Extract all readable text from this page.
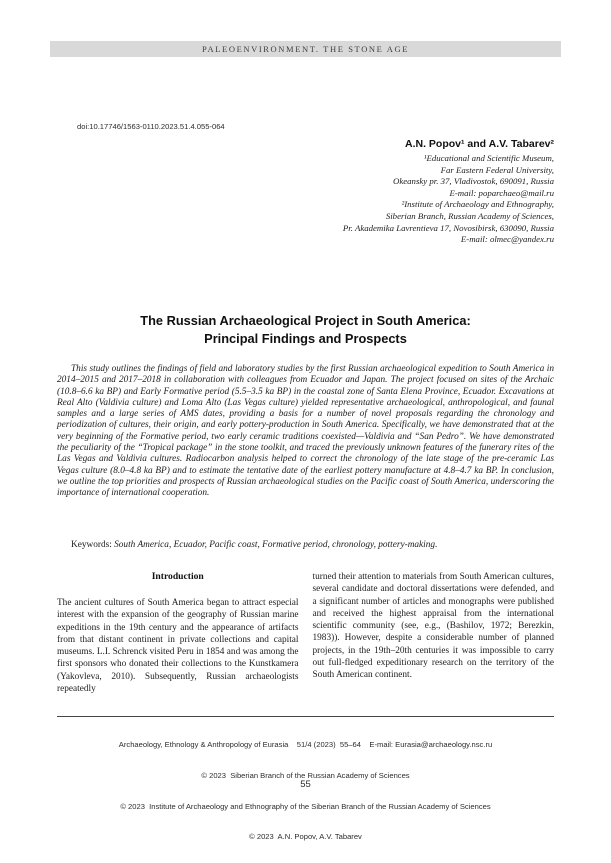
PALEOENVIRONMENT. THE STONE AGE
doi:10.17746/1563-0110.2023.51.4.055-064
A.N. Popov¹ and A.V. Tabarev²
¹Educational and Scientific Museum,
Far Eastern Federal University,
Okeansky pr. 37, Vladivostok, 690091, Russia
E-mail: poparchaeo@mail.ru
²Institute of Archaeology and Ethnography,
Siberian Branch, Russian Academy of Sciences,
Pr. Akademika Lavrentieva 17, Novosibirsk, 630090, Russia
E-mail: olmec@yandex.ru
The Russian Archaeological Project in South America:
Principal Findings and Prospects
This study outlines the findings of field and laboratory studies by the first Russian archaeological expedition to South America in 2014–2015 and 2017–2018 in collaboration with colleagues from Ecuador and Japan. The project focused on sites of the Archaic (10.8–6.6 ka BP) and Early Formative period (5.5–3.5 ka BP) in the coastal zone of Santa Elena Province, Ecuador. Excavations at Real Alto (Valdivia culture) and Loma Alto (Las Vegas culture) yielded representative archaeological, anthropological, and faunal samples and a large series of AMS dates, providing a basis for a number of novel proposals regarding the chronology and periodization of cultures, their origin, and early pottery-production in South America. Specifically, we have demonstrated that at the very beginning of the Formative period, two early ceramic traditions coexisted—Valdivia and “San Pedro”. We have demonstrated the peculiarity of the “Tropical package” in the stone toolkit, and traced the previously unknown features of the funerary rites of the Las Vegas and Valdivia cultures. Radiocarbon analysis helped to correct the chronology of the late stage of the pre-ceramic Las Vegas culture (8.0–4.8 ka BP) and to estimate the tentative date of the earliest pottery manufacture at 4.8–4.7 ka BP. In conclusion, we outline the top priorities and prospects of Russian archaeological studies on the Pacific coast of South America, underscoring the importance of international cooperation.
Keywords: South America, Ecuador, Pacific coast, Formative period, chronology, pottery-making.
Introduction
The ancient cultures of South America began to attract especial interest with the expansion of the geography of Russian marine expeditions in the 19th century and the appearance of artifacts from that distant continent in private collections and capital museums. L.I. Schrenck visited Peru in 1854 and was among the first sponsors who donated their collections to the Kunstkamera (Yakovleva, 2010). Subsequently, Russian archaeologists repeatedly
turned their attention to materials from South American cultures, several candidate and doctoral dissertations were defended, and a significant number of articles and monographs were published and received the highest appraisal from the international scientific community (see, e.g., (Bashilov, 1972; Berezkin, 1983)). However, despite a considerable number of planned projects, in the 19th–20th centuries it was impossible to carry out full-fledged expeditionary research on the territory of the South American continent.

Archaeology, Ethnology & Anthropology of Eurasia    51/4 (2023)  55–64    E-mail: Eurasia@archaeology.nsc.ru

© 2023  Siberian Branch of the Russian Academy of Sciences

© 2023  Institute of Archaeology and Ethnography of the Siberian Branch of the Russian Academy of Sciences

© 2023  A.N. Popov, A.V. Tabarev

55
